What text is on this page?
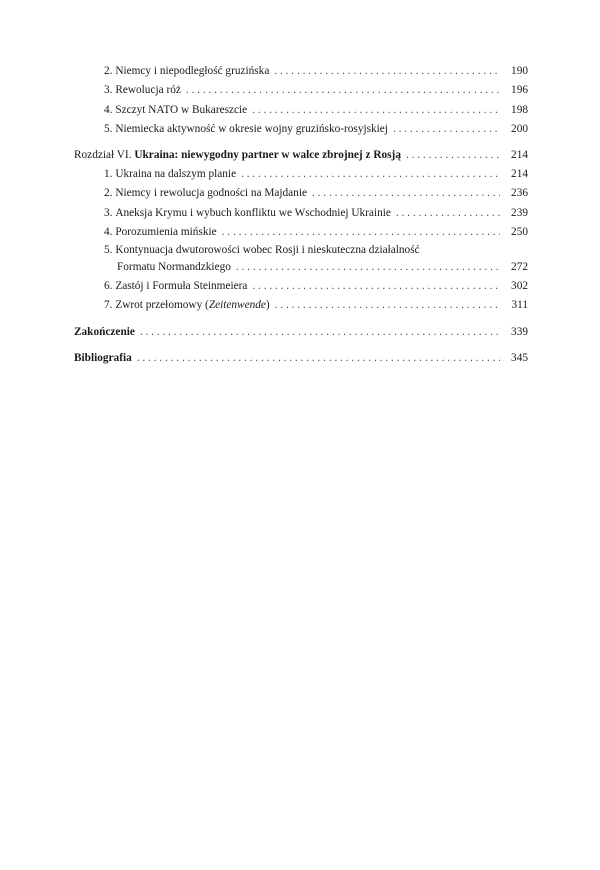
2. Niemcy i niepodległość gruzińska . . .	190
3. Rewolucja róż . . .	196
4. Szczyt NATO w Bukareszcie . . .	198
5. Niemiecka aktywność w okresie wojny gruzińsko-rosyjskiej . . .	200
Rozdział VI. Ukraina: niewygodny partner w walce zbrojnej z Rosją . . .	214
1. Ukraina na dalszym planie . . .	214
2. Niemcy i rewolucja godności na Majdanie . . .	236
3. Aneksja Krymu i wybuch konfliktu we Wschodniej Ukrainie . . .	239
4. Porozumienia mińskie . . .	250
5. Kontynuacja dwutorowości wobec Rosji i nieskuteczna działalność
Formatu Normandzkiego . . .	272
6. Zastój i Formuła Steinmeiera . . .	302
7. Zwrot przełomowy (Zeitenwende) . . .	311
Zakończenie . . .	339
Bibliografia . . .	345
